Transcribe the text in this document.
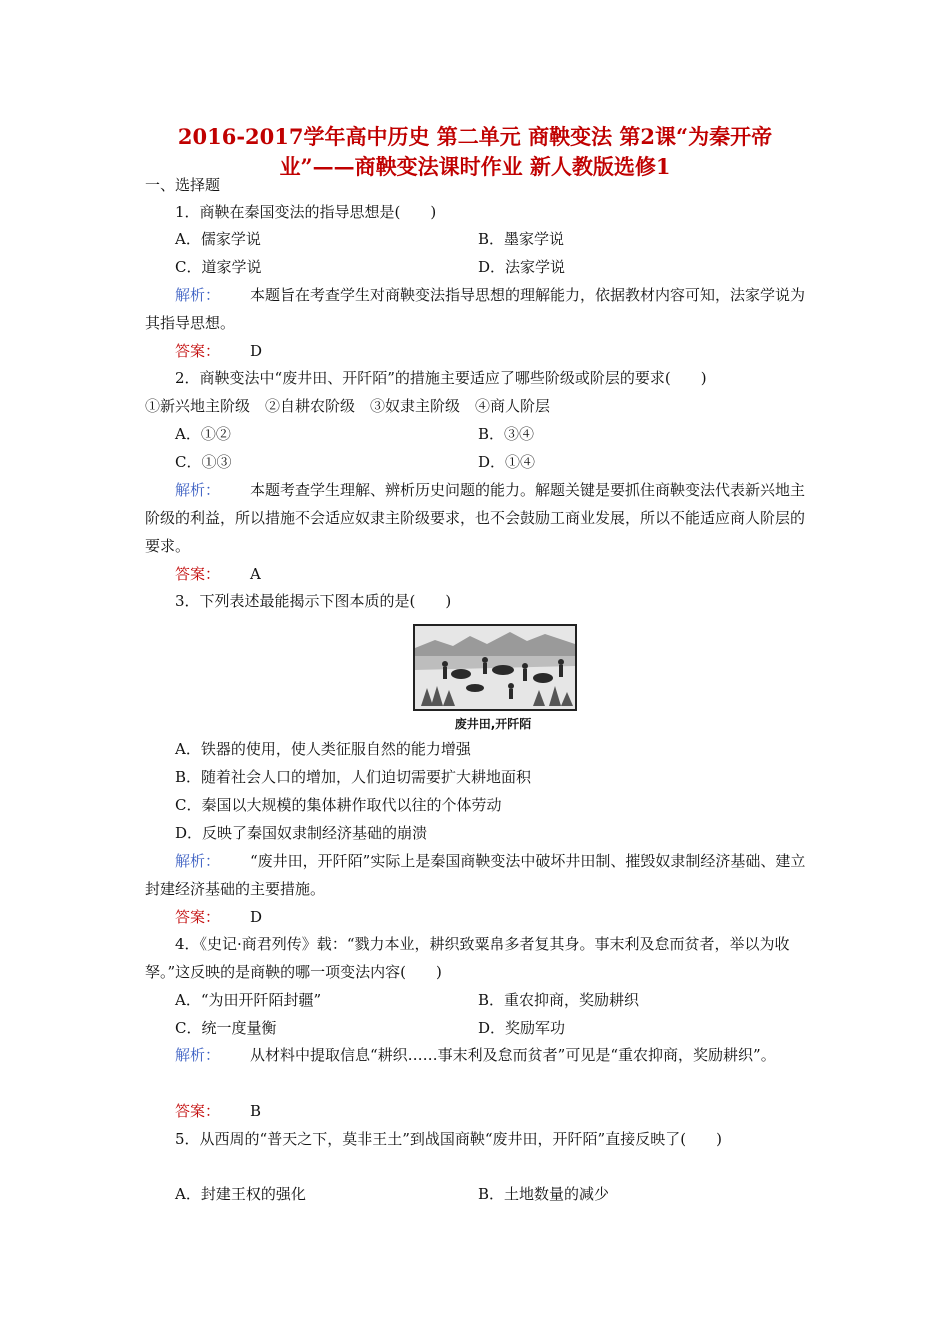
2016-2017学年高中历史 第二单元 商鞅变法 第2课“为秦开帝
业”——商鞅变法课时作业 新人教版选修1
一、选择题
1．商鞅在秦国变法的指导思想是(　　)
A．儒家学说	B．墨家学说
C．道家学说	D．法家学说
解析： 本题旨在考查学生对商鞅变法指导思想的理解能力，依据教材内容可知，法家学说为其指导思想。
答案： D
2．商鞅变法中“废井田、开阡陌”的措施主要适应了哪些阶级或阶层的要求(　　)
①新兴地主阶级　②自耕农阶级　③奴隶主阶级　④商人阶层
A．①②	B．③④
C．①③	D．①④
解析： 本题考查学生理解、辨析历史问题的能力。解题关键是要抓住商鞅变法代表新兴地主阶级的利益，所以措施不会适应奴隶主阶级要求，也不会鼓励工商业发展，所以不能适应商人阶层的要求。
答案： A
3．下列表述最能揭示下图本质的是(　　)
废井田,开阡陌
A．铁器的使用，使人类征服自然的能力增强
B．随着社会人口的增加，人们迫切需要扩大耕地面积
C．秦国以大规模的集体耕作取代以往的个体劳动
D．反映了秦国奴隶制经济基础的崩溃
解析： “废井田，开阡陌”实际上是秦国商鞅变法中破坏井田制、摧毁奴隶制经济基础、建立封建经济基础的主要措施。
答案： D
4．《史记·商君列传》载：“戮力本业，耕织致粟帛多者复其身。事末利及怠而贫者，举以为收孥。”这反映的是商鞅的哪一项变法内容(　　)
A．“为田开阡陌封疆”	B．重农抑商，奖励耕织
C．统一度量衡	D．奖励军功
解析： 从材料中提取信息“耕织……事末利及怠而贫者”可见是“重农抑商，奖励耕织”。
答案： B
5．从西周的“普天之下，莫非王土”到战国商鞅“废井田，开阡陌”直接反映了(　　)
A．封建王权的强化	B．土地数量的减少
